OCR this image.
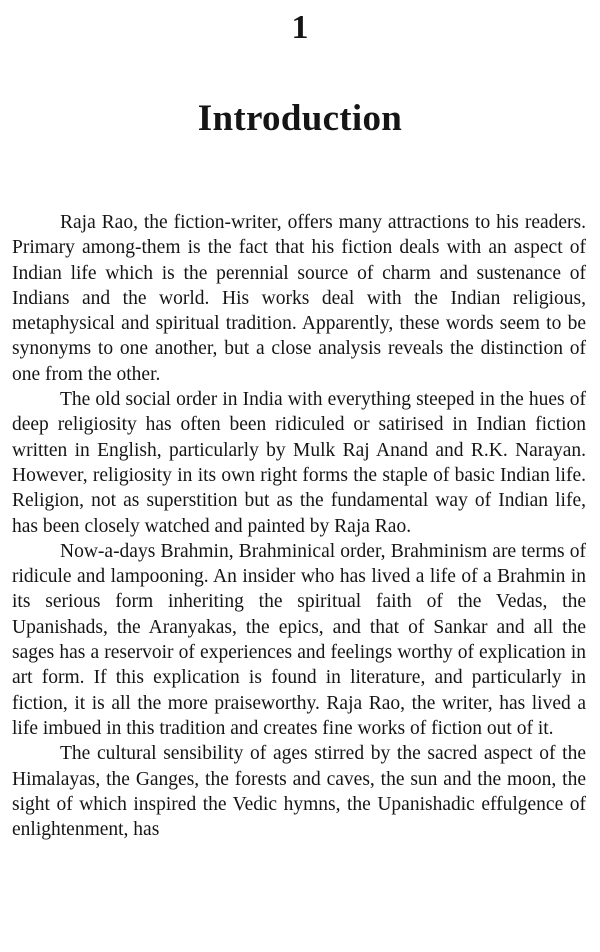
1
Introduction

Raja Rao, the fiction-writer, offers many attractions to his readers. Primary among-them is the fact that his fiction deals with an aspect of Indian life which is the perennial source of charm and sustenance of Indians and the world. His works deal with the Indian religious, metaphysical and spiritual tradition. Apparently, these words seem to be synonyms to one another, but a close analysis reveals the distinction of one from the other.

The old social order in India with everything steeped in the hues of deep religiosity has often been ridiculed or satirised in Indian fiction written in English, particularly by Mulk Raj Anand and R.K. Narayan. However, religiosity in its own right forms the staple of basic Indian life. Religion, not as superstition but as the fundamental way of Indian life, has been closely watched and painted by Raja Rao.

Now-a-days Brahmin, Brahminical order, Brahminism are terms of ridicule and lampooning. An insider who has lived a life of a Brahmin in its serious form inheriting the spiritual faith of the Vedas, the Upanishads, the Aranyakas, the epics, and that of Sankar and all the sages has a reservoir of experiences and feelings worthy of explication in art form. If this explication is found in literature, and particularly in fiction, it is all the more praiseworthy. Raja Rao, the writer, has lived a life imbued in this tradition and creates fine works of fiction out of it.

The cultural sensibility of ages stirred by the sacred aspect of the Himalayas, the Ganges, the forests and caves, the sun and the moon, the sight of which inspired the Vedic hymns, the Upanishadic effulgence of enlightenment, has
